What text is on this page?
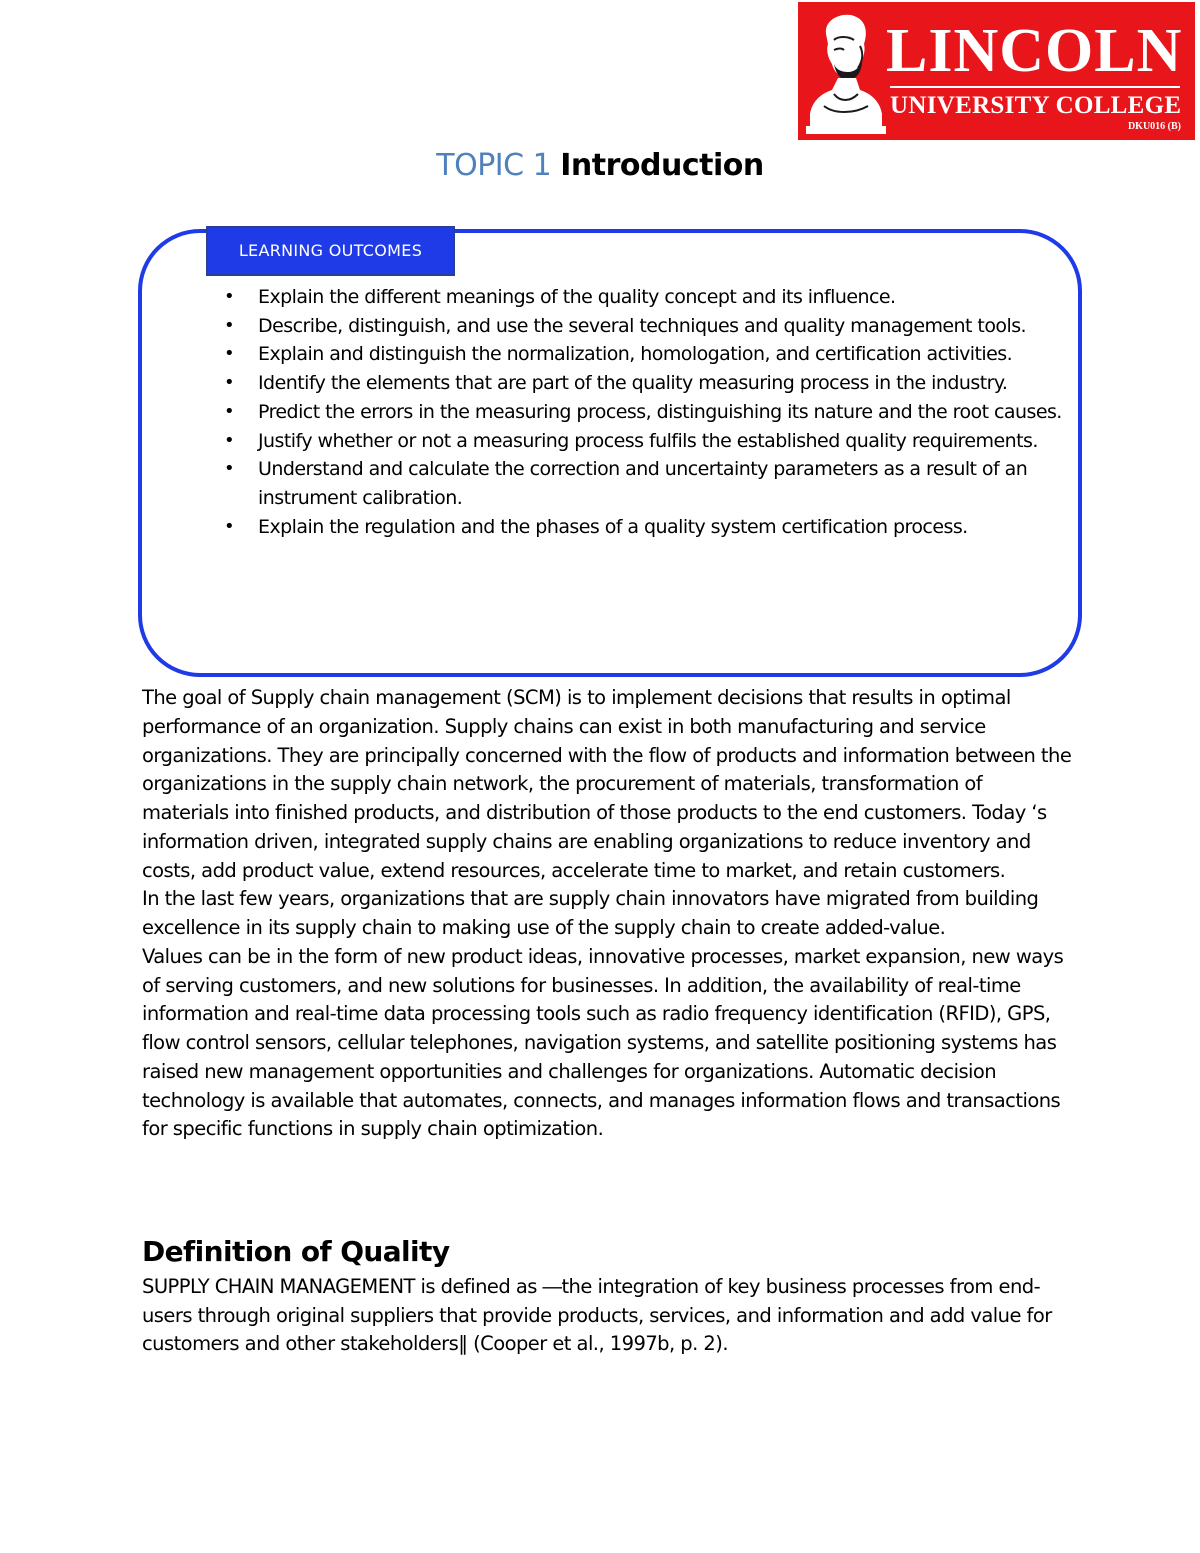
LINCOLN
UNIVERSITY COLLEGE
DKU016 (B)
TOPIC 1 Introduction
LEARNING OUTCOMES
• Explain the different meanings of the quality concept and its influence.
• Describe, distinguish, and use the several techniques and quality management tools.
• Explain and distinguish the normalization, homologation, and certification activities.
• Identify the elements that are part of the quality measuring process in the industry.
• Predict the errors in the measuring process, distinguishing its nature and the root causes.
• Justify whether or not a measuring process fulfils the established quality requirements.
• Understand and calculate the correction and uncertainty parameters as a result of an instrument calibration.
• Explain the regulation and the phases of a quality system certification process.

The goal of Supply chain management (SCM) is to implement decisions that results in optimal performance of an organization. Supply chains can exist in both manufacturing and service organizations. They are principally concerned with the flow of products and information between the organizations in the supply chain network, the procurement of materials, transformation of materials into finished products, and distribution of those products to the end customers. Today ‘s information driven, integrated supply chains are enabling organizations to reduce inventory and costs, add product value, extend resources, accelerate time to market, and retain customers.

In the last few years, organizations that are supply chain innovators have migrated from building excellence in its supply chain to making use of the supply chain to create added-value.

Values can be in the form of new product ideas, innovative processes, market expansion, new ways of serving customers, and new solutions for businesses. In addition, the availability of real-time information and real-time data processing tools such as radio frequency identification (RFID), GPS, flow control sensors, cellular telephones, navigation systems, and satellite positioning systems has raised new management opportunities and challenges for organizations. Automatic decision technology is available that automates, connects, and manages information flows and transactions for specific functions in supply chain optimization.

Definition of Quality

SUPPLY CHAIN MANAGEMENT is defined as ―the integration of key business processes from end-users through original suppliers that provide products, services, and information and add value for customers and other stakeholders‖ (Cooper et al., 1997b, p. 2).
